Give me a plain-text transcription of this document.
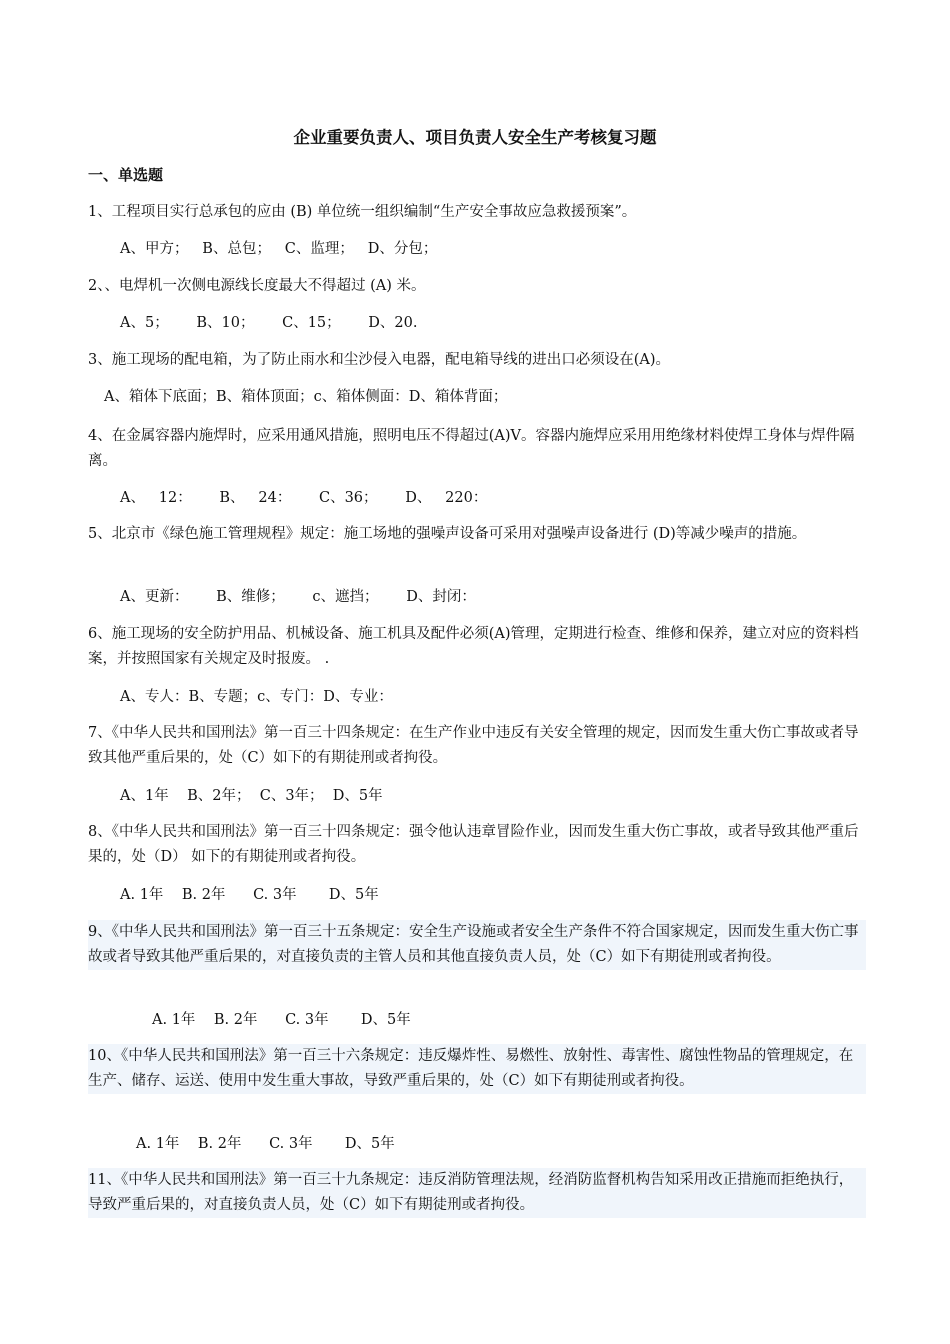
企业重要负责人、项目负责人安全生产考核复习题
一、单选题
1、工程项目实行总承包的应由 (B) 单位统一组织编制“生产安全事故应急救援预案”。
A、甲方；   B、总包；   C、监理；   D、分包；
2、、电焊机一次侧电源线长度最大不得超过 (A) 米。
A、5；      B、10；      C、15；      D、20.
3、施工现场的配电箱，为了防止雨水和尘沙侵入电器，配电箱导线的进出口必须设在(A)。
A、箱体下底面；B、箱体顶面；c、箱体侧面：D、箱体背面；
4、在金属容器内施焊时，应采用通风措施，照明电压不得超过(A)V。容器内施焊应采用用绝缘材料使焊工身体与焊件隔离。
A、   12：      B、   24：      C、36；      D、   220：
5、北京市《绿色施工管理规程》规定：施工场地的强噪声设备可采用对强噪声设备进行 (D)等减少噪声的措施。
A、更新：      B、维修；      c、遮挡；      D、封闭：
6、施工现场的安全防护用品、机械设备、施工机具及配件必须(A)管理，定期进行检查、维修和保养，建立对应的资料档案，并按照国家有关规定及时报废。 .
A、专人：B、专题；c、专门：D、专业：
7、《中华人民共和国刑法》第一百三十四条规定：在生产作业中违反有关安全管理的规定，因而发生重大伤亡事故或者导致其他严重后果的，处（C）如下的有期徒刑或者拘役。
A、1年    B、2年；  C、3年；  D、5年
8、《中华人民共和国刑法》第一百三十四条规定：强令他认违章冒险作业，因而发生重大伤亡事故，或者导致其他严重后果的，处（D） 如下的有期徒刑或者拘役。
A. 1年    B. 2年      C. 3年       D、5年
9、《中华人民共和国刑法》第一百三十五条规定：安全生产设施或者安全生产条件不符合国家规定，因而发生重大伤亡事故或者导致其他严重后果的，对直接负责的主管人员和其他直接负责人员，处（C）如下有期徒刑或者拘役。
A. 1年    B. 2年      C. 3年       D、5年
10、《中华人民共和国刑法》第一百三十六条规定：违反爆炸性、易燃性、放射性、毒害性、腐蚀性物品的管理规定，在生产、储存、运送、使用中发生重大事故，导致严重后果的，处（C）如下有期徒刑或者拘役。
A. 1年    B. 2年      C. 3年       D、5年
11、《中华人民共和国刑法》第一百三十九条规定：违反消防管理法规，经消防监督机构告知采用改正措施而拒绝执行，导致严重后果的，对直接负责人员，处（C）如下有期徒刑或者拘役。
